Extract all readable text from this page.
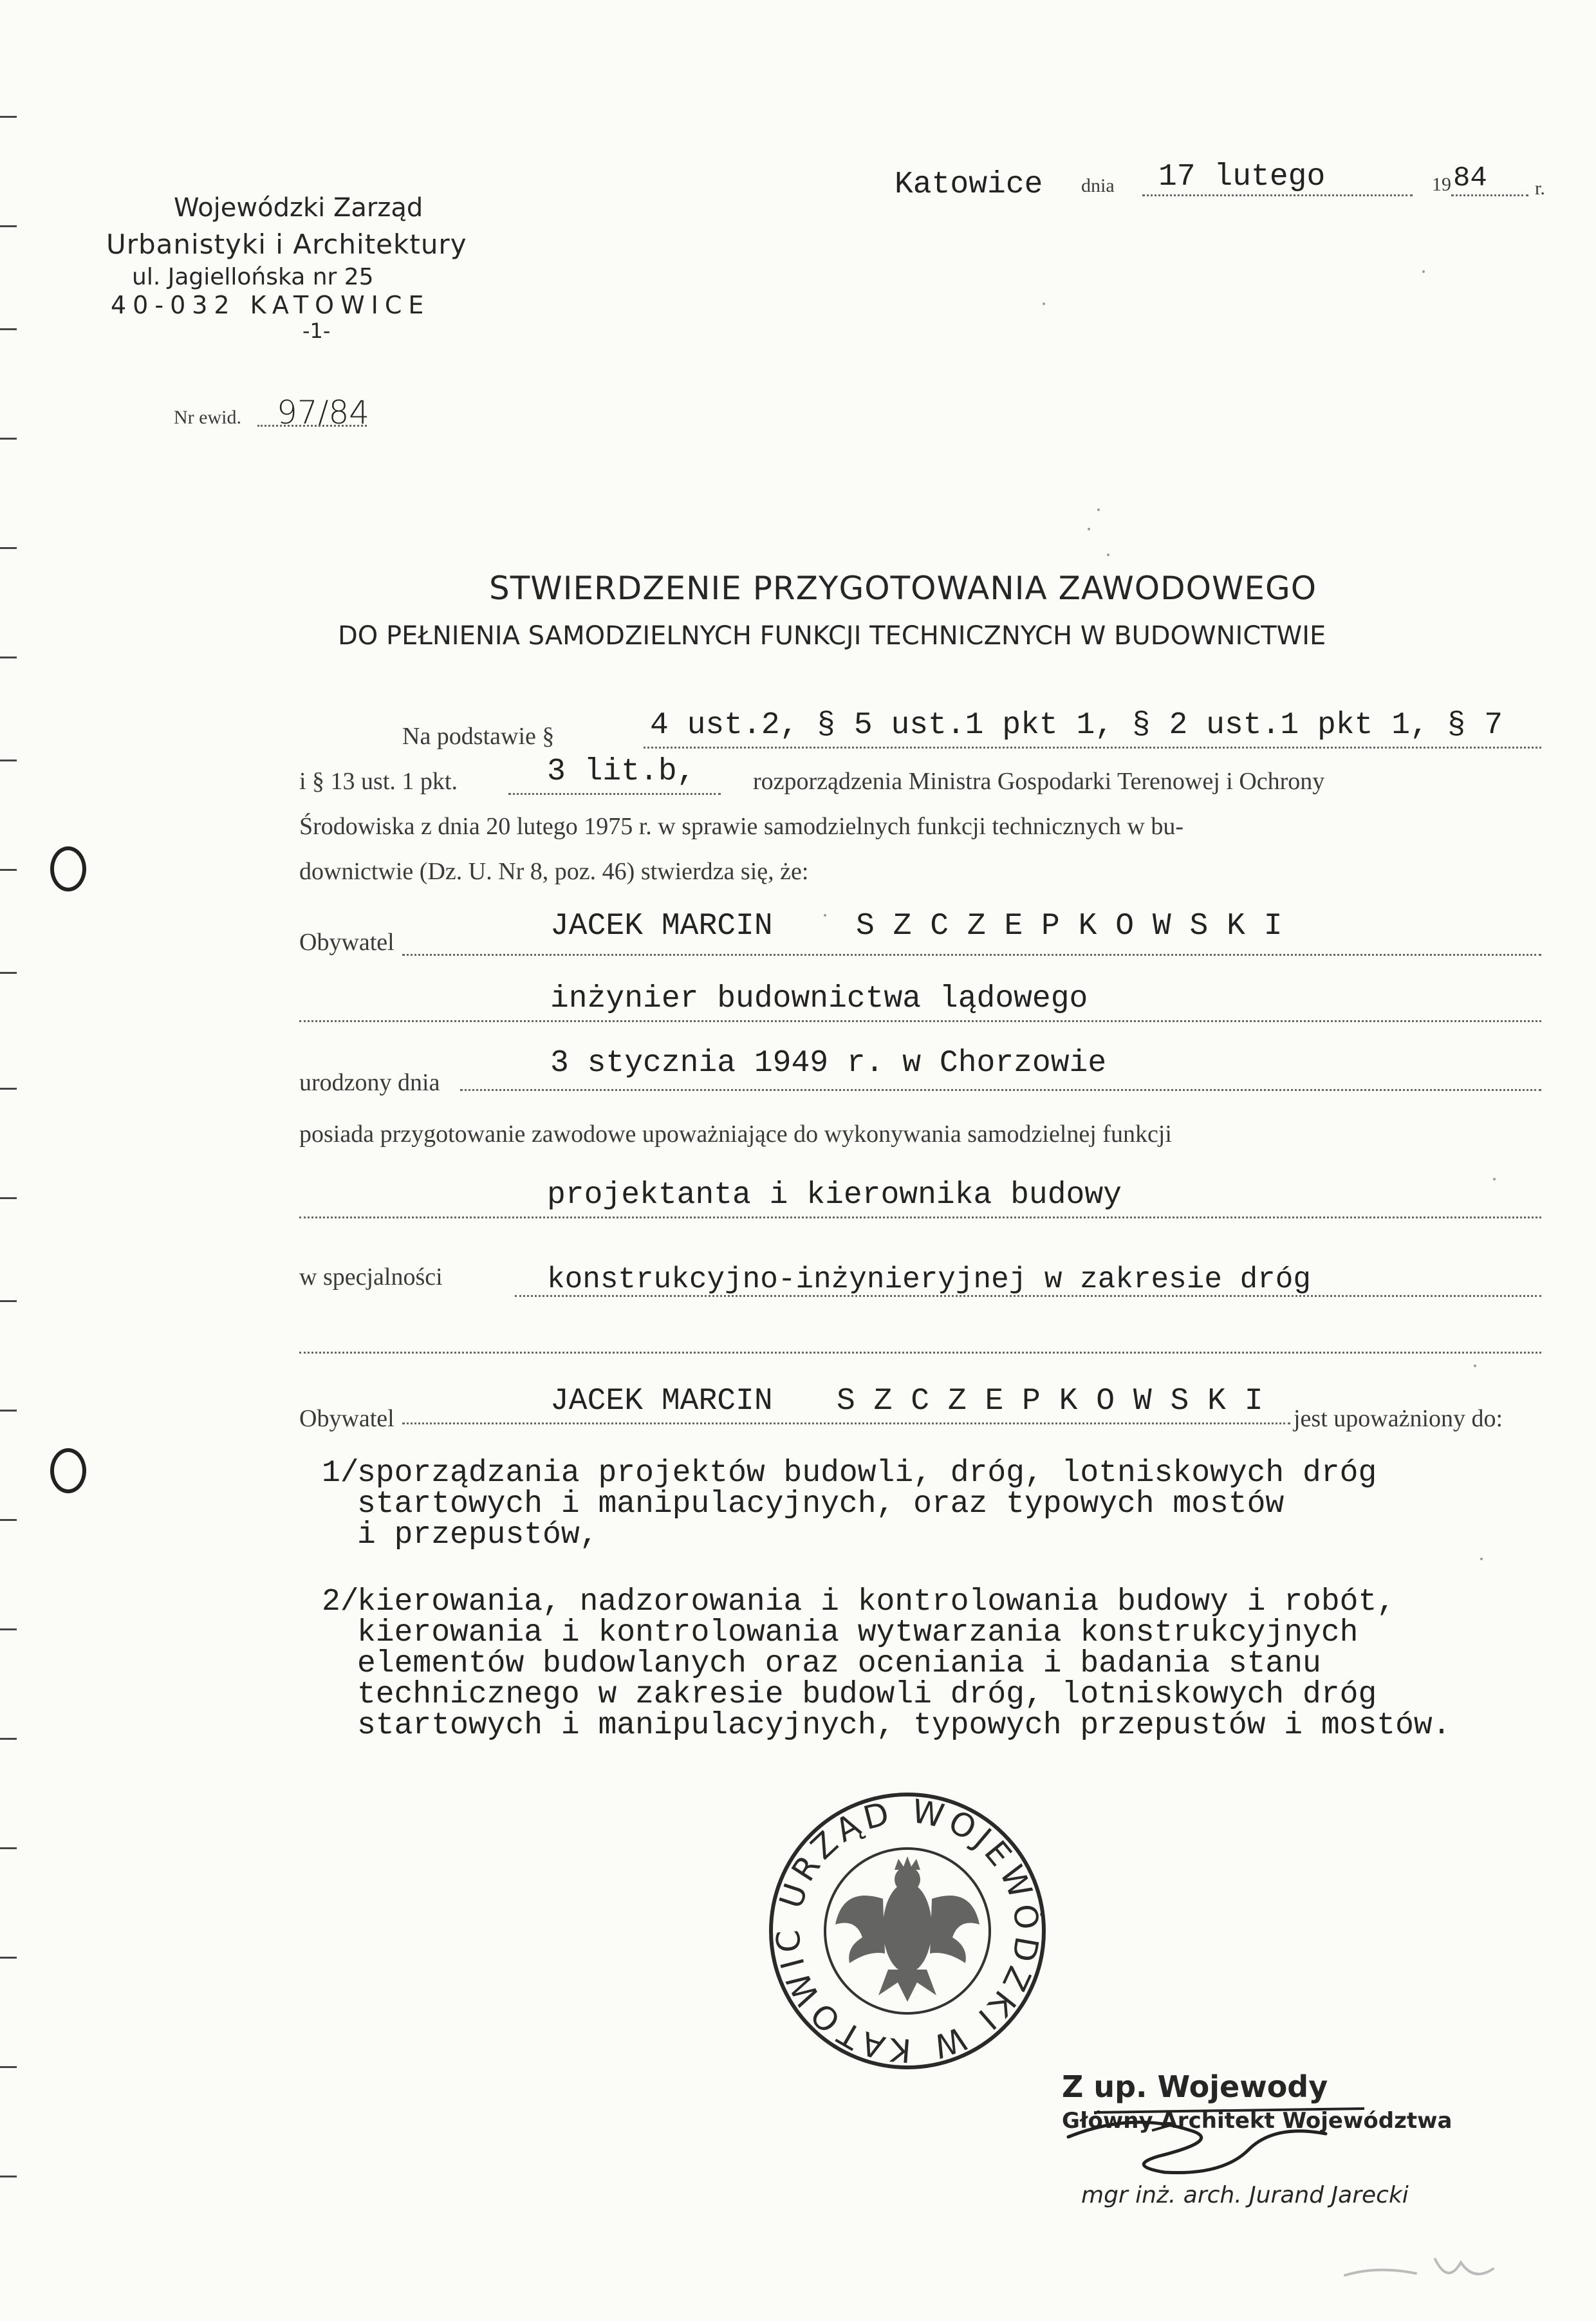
Wojewódzki Zarząd
Urbanistyki i Architektury
ul. Jagiellońska nr 25
40-032 KATOWICE
-1-
Katowice dnia 17 lutego	19 84 r.
Nr ewid. 97/84
STWIERDZENIE PRZYGOTOWANIA ZAWODOWEGO
DO PEŁNIENIA SAMODZIELNYCH FUNKCJI TECHNICZNYCH W BUDOWNICTWIE
Na podstawie §	4 ust.2, § 5 ust.1 pkt 1, § 2 ust.1 pkt 1, § 7
i § 13 ust. 1 pkt.	3 lit.b, rozporządzenia Ministra Gospodarki Terenowej i Ochrony
Środowiska z dnia 20 lutego 1975 r. w sprawie samodzielnych funkcji technicznych w bu-
downictwie (Dz. U. Nr 8, poz. 46) stwierdza się, że:
Obywatel	JACEK MARCIN	S Z C Z E P K O W S K I
inżynier budownictwa lądowego
urodzony dnia
3 stycznia 1949 r. w Chorzowie
posiada przygotowanie zawodowe upoważniające do wykonywania samodzielnej funkcji
projektanta i kierownika budowy
w specjalności	konstrukcyjno-inżynieryjnej w zakresie dróg
Obywatel	JACEK MARCIN S Z C Z E P K O W S K I jest upoważniony do:
1/
sporządzania projektów budowli, dróg, lotniskowych dróg
startowych i manipulacyjnych, oraz typowych mostów
i przepustów,
2/
kierowania, nadzorowania i kontrolowania budowy i robót,
kierowania i kontrolowania wytwarzania konstrukcyjnych
elementów budowlanych oraz oceniania i badania stanu
technicznego w zakresie budowli dróg, lotniskowych dróg
startowych i manipulacyjnych, typowych przepustów i mostów.
URZĄD WOJEWÓDZKI W KATOWIC
Z up. Wojewody
Główny Architekt Województwa
mgr inż. arch. Jurand Jarecki
